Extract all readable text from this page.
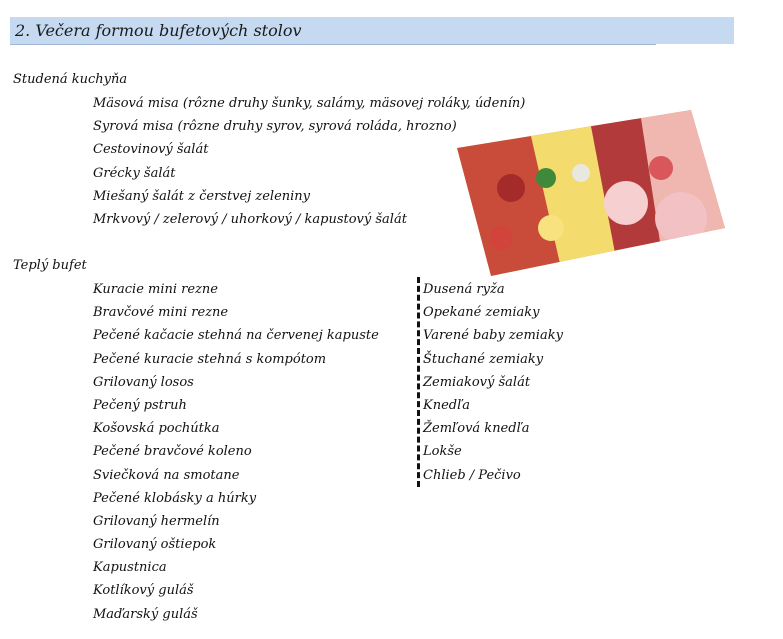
2. Večera formou bufetových stolov
Studená kuchyňa
Mäsová misa (rôzne druhy šunky, salámy, mäsovej roláky, údenín)
Syrová misa (rôzne druhy syrov, syrová roláda, hrozno)
Cestovinový šalát
Grécky šalát
Miešaný šalát z čerstvej zeleniny
Mrkvový / zelerový / uhorkový / kapustový šalát
Teplý bufet
Kuracie mini rezne
Bravčové mini rezne
Pečené kačacie stehná na červenej kapuste
Pečené kuracie stehná s kompótom
Grilovaný losos
Pečený pstruh
Košovská pochútka
Pečené bravčové koleno
Sviečková na smotane
Pečené klobásky a húrky
Grilovaný hermelín
Grilovaný oštiepok
Kapustnica
Kotlíkový guláš
Maďarský guláš
Dusená ryža
Opekané zemiaky
Varené baby zemiaky
Štuchané zemiaky
Zemiakový šalát
Knedľa
Žemľová knedľa
Lokše
Chlieb / Pečivo
